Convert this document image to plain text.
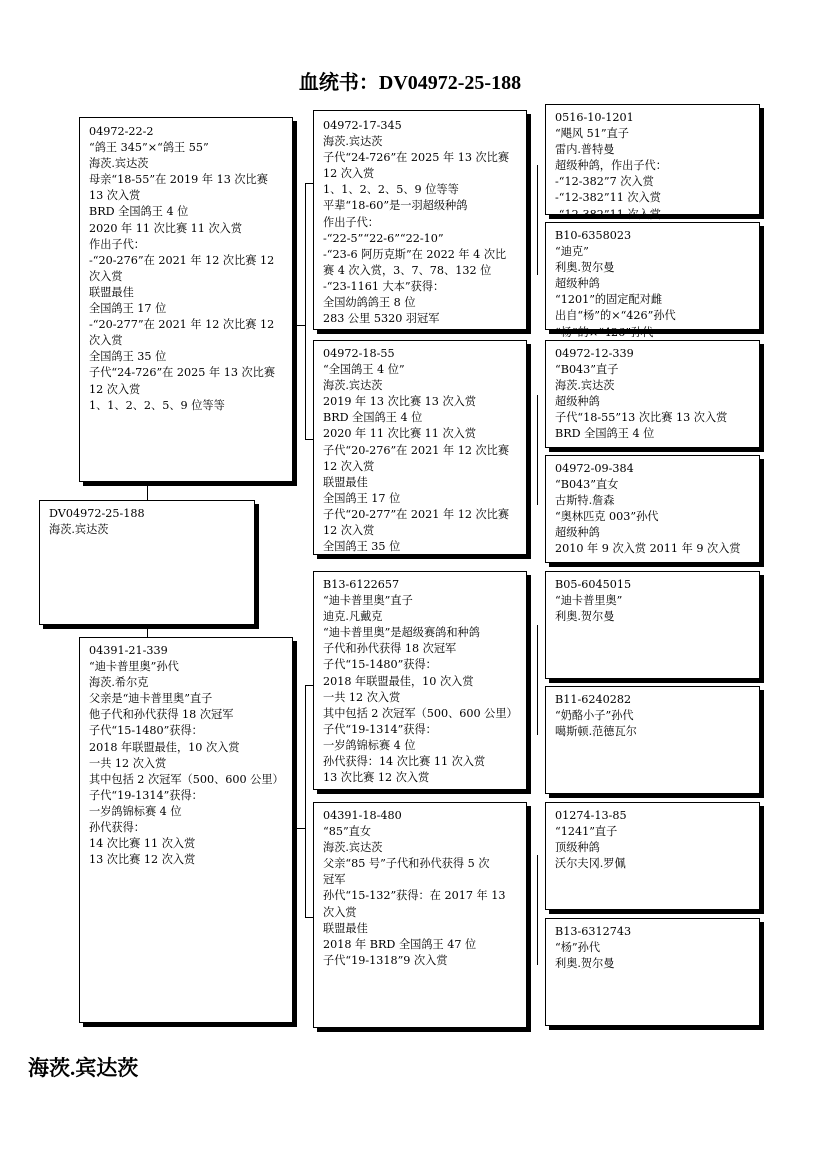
血统书：DV04972-25-188
04972-22-2
“鸽王 345”×“鸽王 55”
海茨.宾达茨
母亲“18-55”在 2019 年 13 次比赛
13 次入赏
BRD 全国鸽王 4 位
2020 年 11 次比赛 11 次入赏
作出子代：
-“20-276”在 2021 年 12 次比赛 12
次入赏
联盟最佳
全国鸽王 17 位
-“20-277”在 2021 年 12 次比赛 12
次入赏
全国鸽王 35 位
子代“24-726”在 2025 年 13 次比赛
12 次入赏
1、1、2、2、5、9 位等等
DV04972-25-188
海茨.宾达茨
04391-21-339
“迪卡普里奥”孙代
海茨.希尔克
父亲是“迪卡普里奥”直子
他子代和孙代获得 18 次冠军
子代“15-1480”获得：
2018 年联盟最佳，10 次入赏
一共 12 次入赏
其中包括 2 次冠军（500、600 公里）
子代“19-1314”获得：
一岁鸽锦标赛 4 位
孙代获得：
14 次比赛 11 次入赏
13 次比赛 12 次入赏
04972-17-345
海茨.宾达茨
子代“24-726”在 2025 年 13 次比赛
12 次入赏
1、1、2、2、5、9 位等等
平辈“18-60”是一羽超级种鸽
作出子代：
-“22-5”“22-6”“22-10”
-“23-6 阿历克斯”在 2022 年 4 次比
赛 4 次入赏，3、7、78、132 位
-“23-1161 大本”获得：
全国幼鸽鸽王 8 位
283 公里 5320 羽冠军
04972-18-55
“全国鸽王 4 位”
海茨.宾达茨
2019 年 13 次比赛 13 次入赏
BRD 全国鸽王 4 位
2020 年 11 次比赛 11 次入赏
子代“20-276”在 2021 年 12 次比赛
12 次入赏
联盟最佳
全国鸽王 17 位
子代“20-277”在 2021 年 12 次比赛
12 次入赏
全国鸽王 35 位
B13-6122657
“迪卡普里奥”直子
迪克.凡戴克
“迪卡普里奥”是超级赛鸽和种鸽
子代和孙代获得 18 次冠军
子代“15-1480”获得：
2018 年联盟最佳，10 次入赏
一共 12 次入赏
其中包括 2 次冠军（500、600 公里）
子代“19-1314”获得：
一岁鸽锦标赛 4 位
孙代获得：14 次比赛 11 次入赏
13 次比赛 12 次入赏
04391-18-480
“85”直女
海茨.宾达茨
父亲“85 号”子代和孙代获得 5 次
冠军
孙代“15-132”获得：在 2017 年 13
次入赏
联盟最佳
2018 年 BRD 全国鸽王 47 位
子代“19-1318”9 次入赏
0516-10-1201
“飓风 51”直子
雷内.普特曼
超级种鸽，作出子代：
-“12-382”7 次入赏
-“12-382”11 次入赏
-“12-382”11 次入赏
B10-6358023
“迪克”
利奥.贺尔曼
超级种鸽
“1201”的固定配对雌
出自“杨”的×“426”孙代
“杨”的×“426”孙代
04972-12-339
“B043”直子
海茨.宾达茨
超级种鸽
子代“18-55”13 次比赛 13 次入赏
BRD 全国鸽王 4 位
04972-09-384
“B043”直女
古斯特.詹森
“奥林匹克 003”孙代
超级种鸽
2010 年 9 次入赏 2011 年 9 次入赏
B05-6045015
“迪卡普里奥”
利奥.贺尔曼
B11-6240282
“奶酪小子”孙代
噶斯顿.范德瓦尔
01274-13-85
“1241”直子
顶级种鸽
沃尔夫冈.罗佩
B13-6312743
“杨”孙代
利奥.贺尔曼
海茨.宾达茨
